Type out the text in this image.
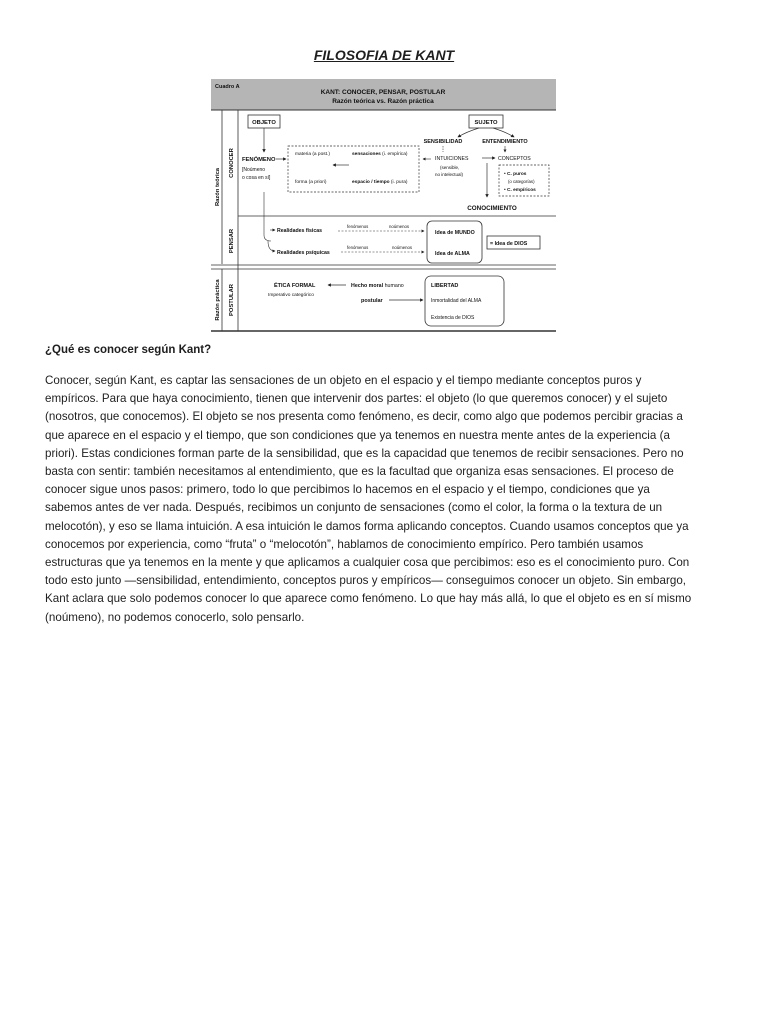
FILOSOFIA DE KANT
Cuadro A
KANT: CONOCER, PENSAR, POSTULAR
Razón teórica vs. Razón práctica
Razón teórica
Razón práctica
CONOCER
PENSAR
POSTULAR
OBJETO	SUJETO
SENSIBILIDAD	ENTENDIMIENTO
FENÓMENO
[Noúmeno
o cosa en sí]
materia (a post.)	sensaciones (i. empírica)
forma (a priori)	espacio / tiempo (i. pura)
INTUICIONES
(sensible,
no intelectual)
CONCEPTOS
• C. puros
(o categorías)
• C. empíricos
CONOCIMIENTO
Realidades físicas
Realidades psíquicas
fenómenos	noúmenos
fenómenos	noúmenos
Idea de MUNDO
Idea de ALMA
= Idea de DIOS
ÉTICA FORMAL
Imperativo categórico
Hecho moral humano
postular
LIBERTAD
Inmortalidad del ALMA
Existencia de DIOS
¿Qué es conocer según Kant?
Conocer, según Kant, es captar las sensaciones de un objeto en el espacio y el tiempo mediante conceptos puros y
empíricos. Para que haya conocimiento, tienen que intervenir dos partes: el objeto (lo que queremos conocer) y el sujeto
(nosotros, que conocemos). El objeto se nos presenta como fenómeno, es decir, como algo que podemos percibir gracias a
que aparece en el espacio y el tiempo, que son condiciones que ya tenemos en nuestra mente antes de la experiencia (a
priori). Estas condiciones forman parte de la sensibilidad, que es la capacidad que tenemos de recibir sensaciones. Pero no
basta con sentir: también necesitamos al entendimiento, que es la facultad que organiza esas sensaciones. El proceso de
conocer sigue unos pasos: primero, todo lo que percibimos lo hacemos en el espacio y el tiempo, condiciones que ya
sabemos antes de ver nada. Después, recibimos un conjunto de sensaciones (como el color, la forma o la textura de un
melocotón), y eso se llama intuición. A esa intuición le damos forma aplicando conceptos. Cuando usamos conceptos que ya
conocemos por experiencia, como “fruta” o “melocotón”, hablamos de conocimiento empírico. Pero también usamos
estructuras que ya tenemos en la mente y que aplicamos a cualquier cosa que percibimos: eso es el conocimiento puro. Con
todo esto junto —sensibilidad, entendimiento, conceptos puros y empíricos— conseguimos conocer un objeto. Sin embargo,
Kant aclara que solo podemos conocer lo que aparece como fenómeno. Lo que hay más allá, lo que el objeto es en sí mismo
(noúmeno), no podemos conocerlo, solo pensarlo.
